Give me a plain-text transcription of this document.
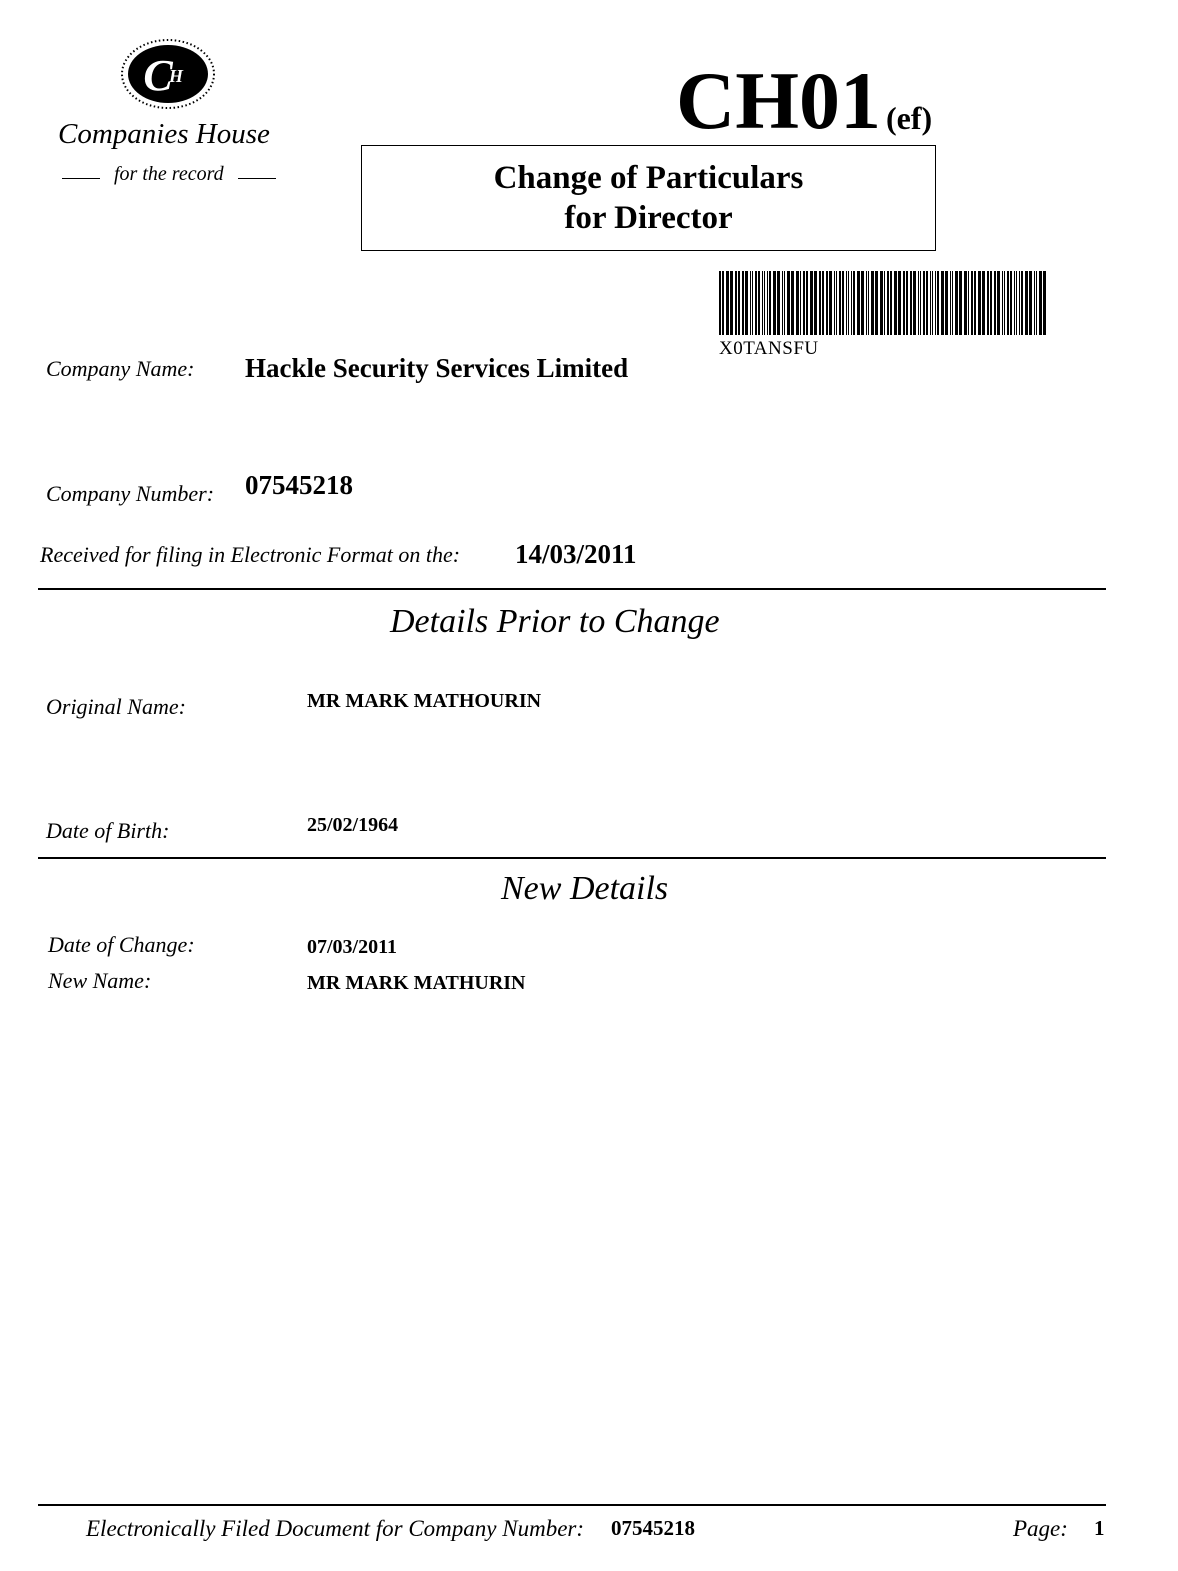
C
H
Companies House
for the record
CH01 (ef)
Change of Particulars
for Director
X0TANSFU
Company Name: Hackle Security Services Limited
Company Number: 07545218
Received for filing in Electronic Format on the: 14/03/2011
Details Prior to Change
Original Name:	MR MARK MATHOURIN
Date of Birth:	25/02/1964
New Details
Date of Change:	07/03/2011
New Name:	MR MARK MATHURIN
Electronically Filed Document for Company Number: 07545218	Page: 1
